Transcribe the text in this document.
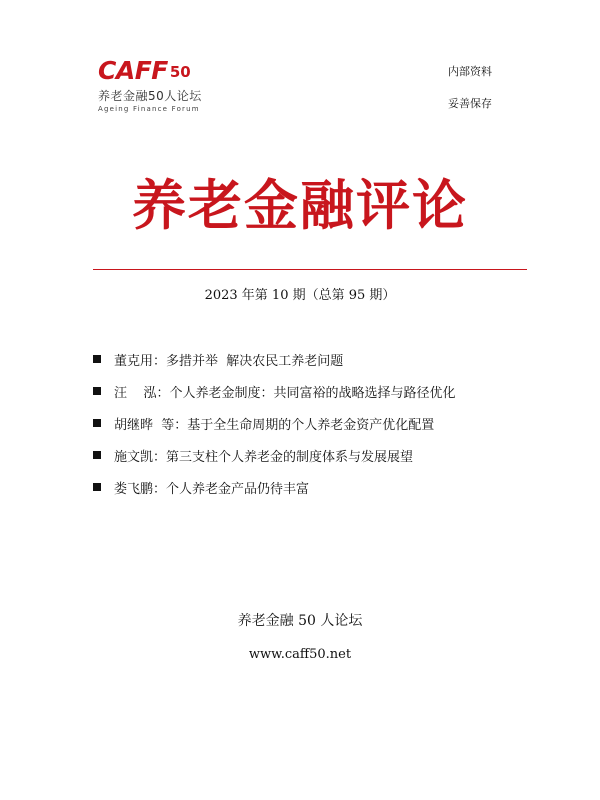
CAFF 50
养老金融50人论坛
Ageing Finance Forum
内部资料
妥善保存
养老金融评论
2023 年第 10 期（总第 95 期）
董克用：多措并举  解决农民工养老问题
汪    泓：个人养老金制度：共同富裕的战略选择与路径优化
胡继晔  等：基于全生命周期的个人养老金资产优化配置
施文凯：第三支柱个人养老金的制度体系与发展展望
娄飞鹏：个人养老金产品仍待丰富
养老金融 50 人论坛
www.caff50.net
